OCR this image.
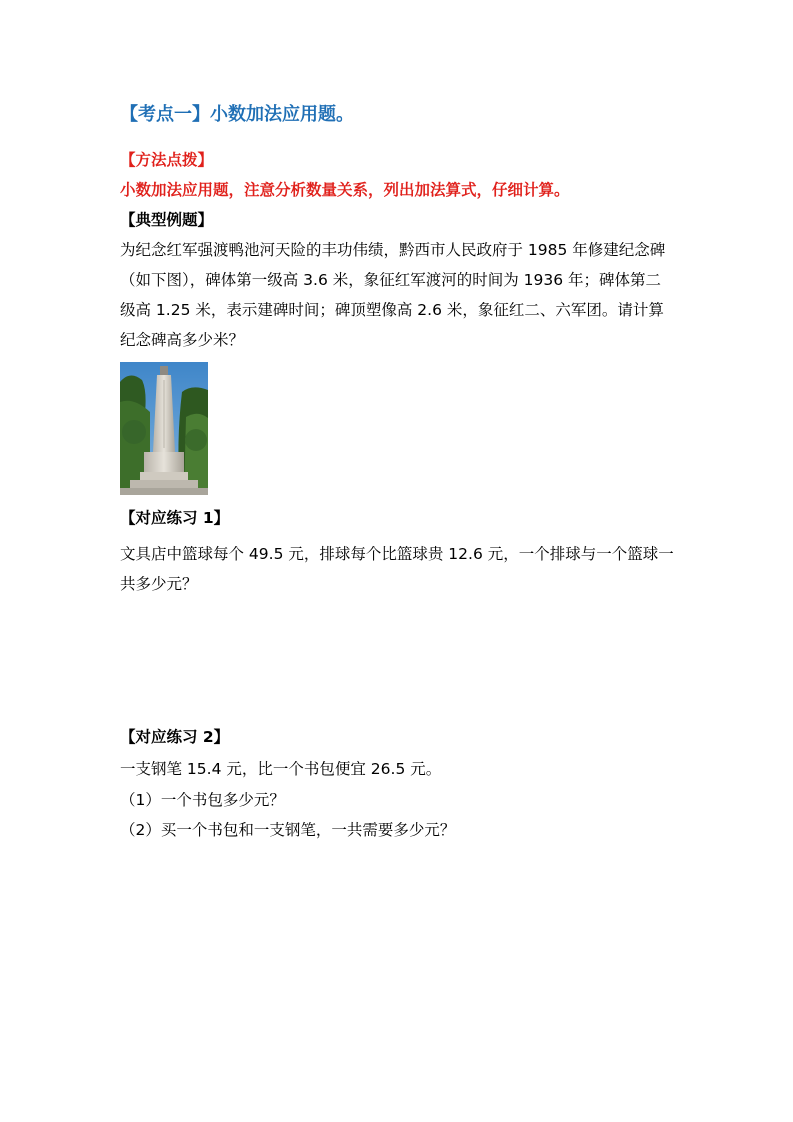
【考点一】小数加法应用题。
【方法点拨】
小数加法应用题，注意分析数量关系，列出加法算式，仔细计算。
【典型例题】
为纪念红军强渡鸭池河天险的丰功伟绩，黔西市人民政府于 1985 年修建纪念碑
（如下图），碑体第一级高 3.6 米，象征红军渡河的时间为 1936 年；碑体第二
级高 1.25 米，表示建碑时间；碑顶塑像高 2.6 米，象征红二、六军团。请计算
纪念碑高多少米？
【对应练习 1】
文具店中篮球每个 49.5 元，排球每个比篮球贵 12.6 元，一个排球与一个篮球一
共多少元？
【对应练习 2】
一支钢笔 15.4 元，比一个书包便宜 26.5 元。
（1）一个书包多少元？
（2）买一个书包和一支钢笔，一共需要多少元？
